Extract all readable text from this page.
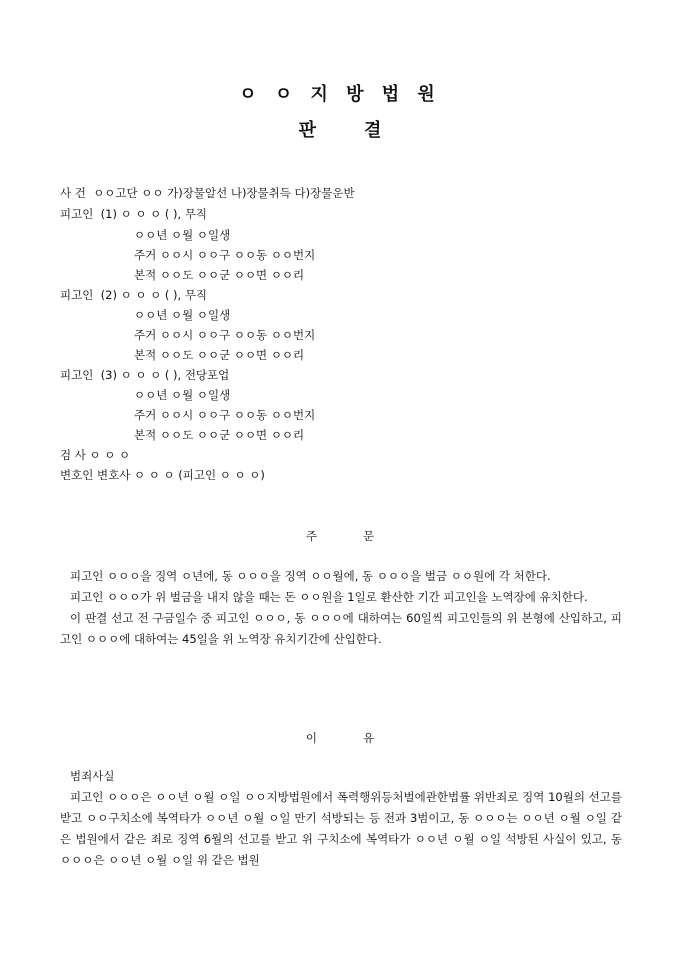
ㅇ ㅇ 지 방 법 원
판	결
사 건 ㅇㅇ고단 ㅇㅇ 가)장물알선 나)장물취득 다)장물운반
피고인 (1) ㅇ ㅇ ㅇ ( ), 무직
ㅇㅇ년 ㅇ월 ㅇ일생
주거 ㅇㅇ시 ㅇㅇ구 ㅇㅇ동 ㅇㅇ번지
본적 ㅇㅇ도 ㅇㅇ군 ㅇㅇ면 ㅇㅇ리
피고인 (2) ㅇ ㅇ ㅇ ( ), 무직
ㅇㅇ년 ㅇ월 ㅇ일생
주거 ㅇㅇ시 ㅇㅇ구 ㅇㅇ동 ㅇㅇ번지
본적 ㅇㅇ도 ㅇㅇ군 ㅇㅇ면 ㅇㅇ리
피고인 (3) ㅇ ㅇ ㅇ ( ), 전당포업
ㅇㅇ년 ㅇ월 ㅇ일생
주거 ㅇㅇ시 ㅇㅇ구 ㅇㅇ동 ㅇㅇ번지
본적 ㅇㅇ도 ㅇㅇ군 ㅇㅇ면 ㅇㅇ리
검 사 ㅇ ㅇ ㅇ
변호인 변호사 ㅇ ㅇ ㅇ (피고인 ㅇ ㅇ ㅇ)
주	문

피고인 ㅇㅇㅇ을 징역 ㅇ년에, 동 ㅇㅇㅇ을 징역 ㅇㅇ월에, 동 ㅇㅇㅇ을 벌금 ㅇㅇ원에 각 처한다.

피고인 ㅇㅇㅇ가 위 벌금을 내지 않을 때는 돈 ㅇㅇ원을 1일로 환산한 기간 피고인을 노역장에 유치한다.

이 판결 선고 전 구금일수 중 피고인 ㅇㅇㅇ, 동 ㅇㅇㅇ에 대하여는 60일씩 피고인들의 위 본형에 산입하고, 피고인 ㅇㅇㅇ에 대하여는 45일을 위 노역장 유치기간에 산입한다.

이	유
범죄사실

피고인 ㅇㅇㅇ은 ㅇㅇ년 ㅇ월 ㅇ일 ㅇㅇ지방법원에서 폭력행위등처벌에관한법률 위반죄로 징역 10월의 선고를 받고 ㅇㅇ구치소에 복역타가 ㅇㅇ년 ㅇ월 ㅇ일 만기 석방되는 등 전과 3범이고, 동 ㅇㅇㅇ는 ㅇㅇ년 ㅇ월 ㅇ일 같은 법원에서 같은 죄로 징역 6월의 선고를 받고 위 구치소에 복역타가 ㅇㅇ년 ㅇ월 ㅇ일 석방된 사실이 있고, 동 ㅇㅇㅇ은 ㅇㅇ년 ㅇ월 ㅇ일 위 같은 법원
